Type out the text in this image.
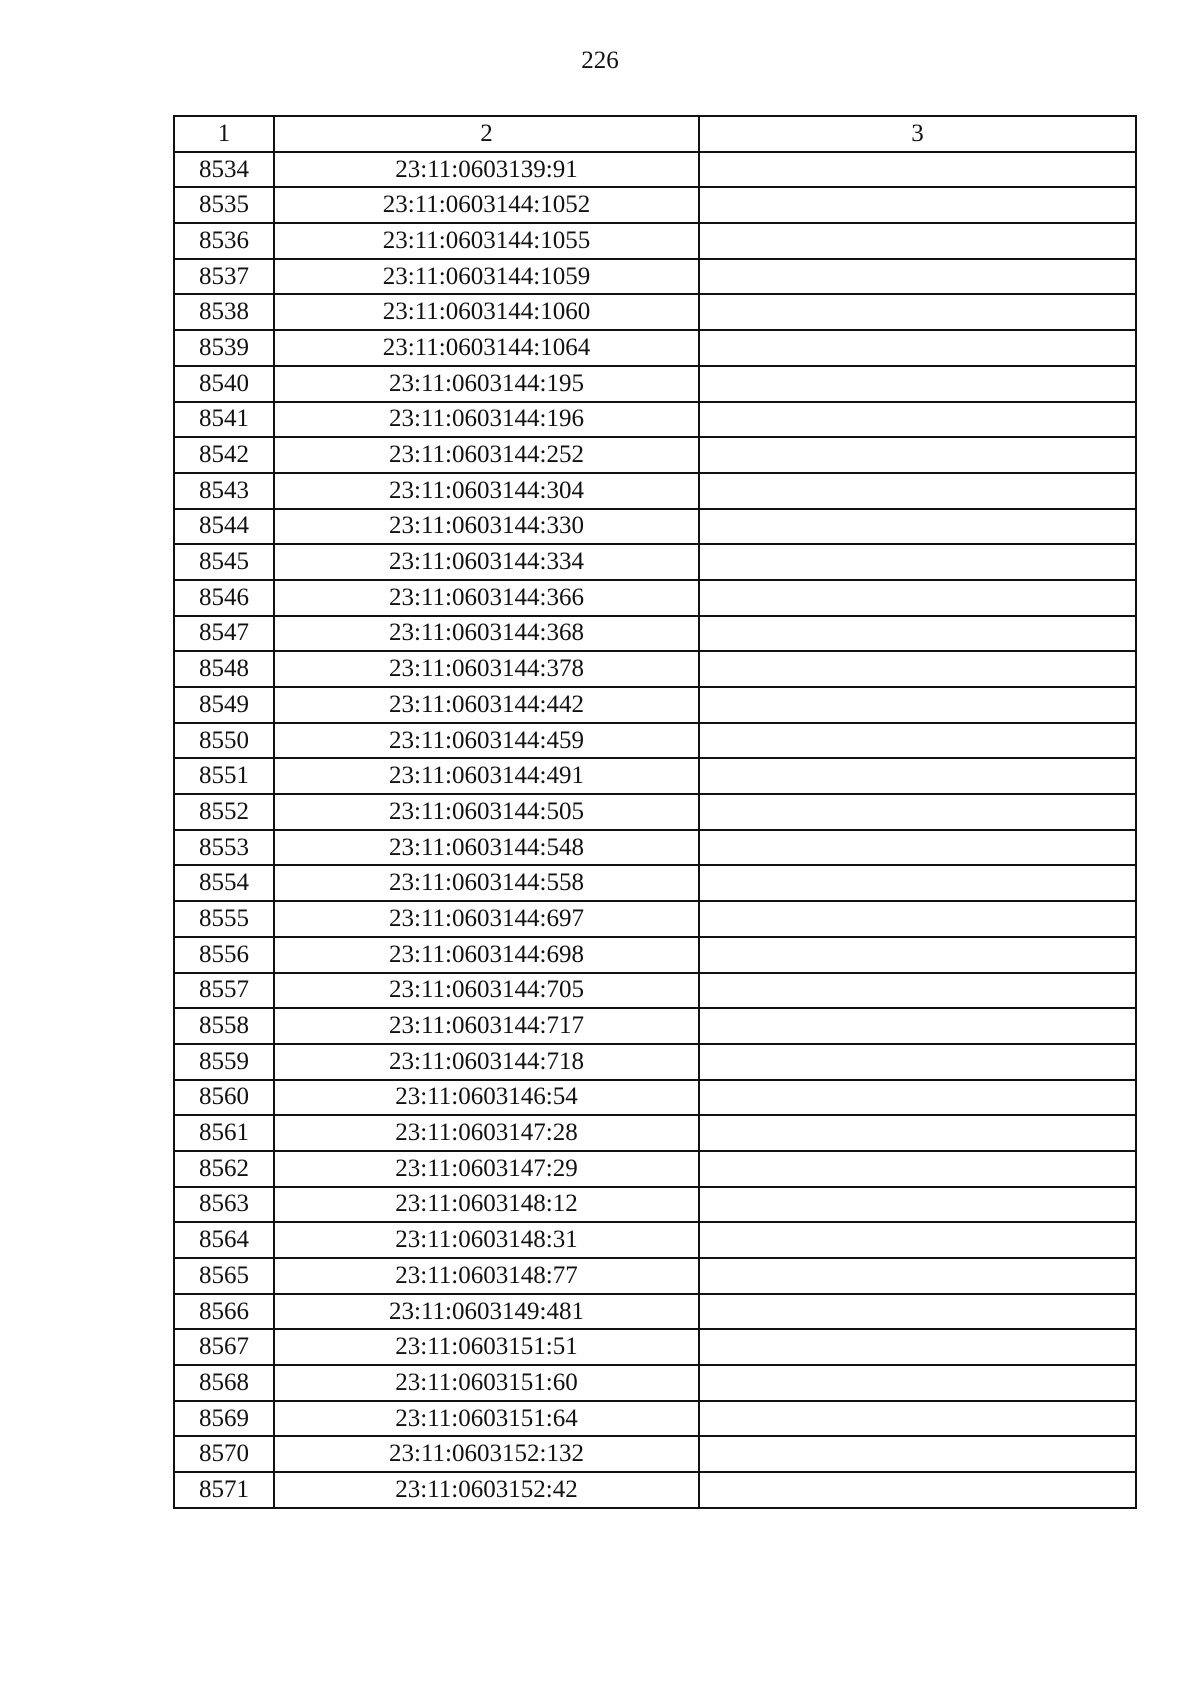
226
1	2	3
8534	23:11:0603139:91	
8535	23:11:0603144:1052	
8536	23:11:0603144:1055	
8537	23:11:0603144:1059	
8538	23:11:0603144:1060	
8539	23:11:0603144:1064	
8540	23:11:0603144:195	
8541	23:11:0603144:196	
8542	23:11:0603144:252	
8543	23:11:0603144:304	
8544	23:11:0603144:330	
8545	23:11:0603144:334	
8546	23:11:0603144:366	
8547	23:11:0603144:368	
8548	23:11:0603144:378	
8549	23:11:0603144:442	
8550	23:11:0603144:459	
8551	23:11:0603144:491	
8552	23:11:0603144:505	
8553	23:11:0603144:548	
8554	23:11:0603144:558	
8555	23:11:0603144:697	
8556	23:11:0603144:698	
8557	23:11:0603144:705	
8558	23:11:0603144:717	
8559	23:11:0603144:718	
8560	23:11:0603146:54	
8561	23:11:0603147:28	
8562	23:11:0603147:29	
8563	23:11:0603148:12	
8564	23:11:0603148:31	
8565	23:11:0603148:77	
8566	23:11:0603149:481	
8567	23:11:0603151:51	
8568	23:11:0603151:60	
8569	23:11:0603151:64	
8570	23:11:0603152:132	
8571	23:11:0603152:42	
